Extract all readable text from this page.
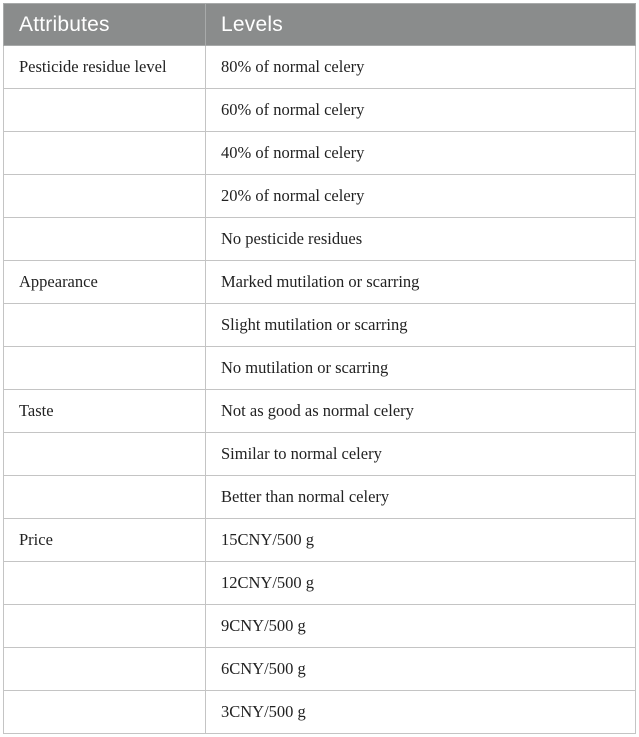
Attributes	Levels
Pesticide residue level	80% of normal celery
	60% of normal celery
	40% of normal celery
	20% of normal celery
	No pesticide residues
Appearance	Marked mutilation or scarring
	Slight mutilation or scarring
	No mutilation or scarring
Taste	Not as good as normal celery
	Similar to normal celery
	Better than normal celery
Price	15CNY/500 g
	12CNY/500 g
	9CNY/500 g
	6CNY/500 g
	3CNY/500 g
